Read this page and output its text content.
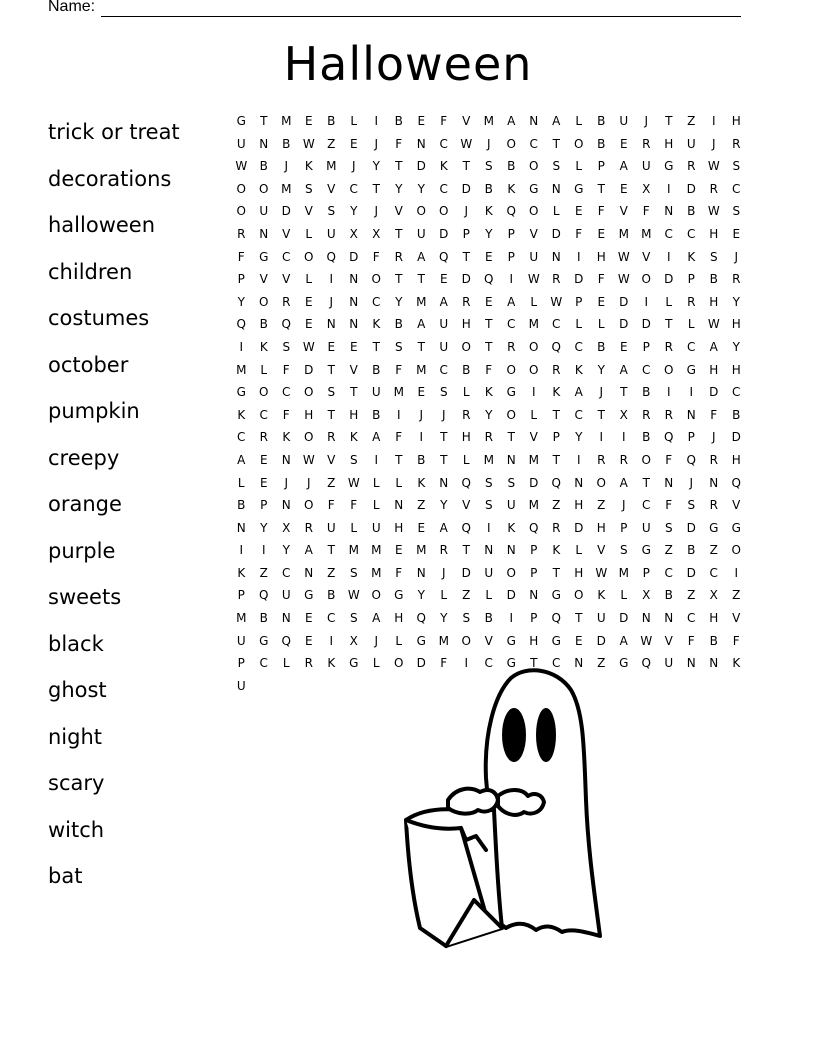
Name:
Halloween
trick or treat
decorations
halloween
children
costumes
october
pumpkin
creepy
orange
purple
sweets
black
ghost
night
scary
witch
bat
G	T	M	E	B	L	I	B	E	F	V	M	A	N	A	L	B	U	J	T	Z	I	H
U	N	B	W	Z	E	J	F	N	C	W	J	O	C	T	O	B	E	R	H	U	J	R
W	B	J	K	M	J	Y	T	D	K	T	S	B	O	S	L	P	A	U	G	R	W	S
O	O	M	S	V	C	T	Y	Y	C	D	B	K	G	N	G	T	E	X	I	D	R	C
O	U	D	V	S	Y	J	V	O	O	J	K	Q	O	L	E	F	V	F	N	B	W	S
R	N	V	L	U	X	X	T	U	D	P	Y	P	V	D	F	E	M	M	C	C	H	E
F	G	C	O	Q	D	F	R	A	Q	T	E	P	U	N	I	H	W	V	I	K	S	J
P	V	V	L	I	N	O	T	T	E	D	Q	I	W	R	D	F	W O	D	P	B	R
Y	O	R	E	J	N	C	Y	M	A	R	E	A	L	W	P	E	D	I	L	R	H	Y
Q	B	Q	E	N	N	K	B	A	U	H	T	C	M	C	L	L	D	D	T	L	W	H
I	K	S	W	E	E	T	S	T	U	O	T	R	O	Q	C	B	E	P	R	C	A	Y
M	L	F	D	T	V	B	F	M	C	B	F	O	O	R	K	Y	A	C	O	G	H	H
G	O	C	O	S	T	U	M	E	S	L	K	G	I	K	A	J	T	B	I	I	D	C
K	C	F	H	T	H	B	I	J	J	R	Y	O	L	T	C	T	X	R	R	N	F	B
C	R	K	O	R	K	A	F	I	T	H	R	T	V	P	Y	I	I	B	Q	P	J	D
A	E	N	W	V	S	I	T	B	T	L	M	N	M	T	I	R	R	O	F	Q	R	H
L	E	J	J	Z	W	L	L	K	N	Q	S	S	D	Q	N	O	A	T	N	J	N	Q
B	P	N	O	F	F	L	N	Z	Y	V	S	U	M	Z	H	Z	J	C	F	S	R	V
N	Y	X	R	U	L	U	H	E	A	Q	I	K	Q	R	D	H	P	U	S	D	G	G
I	I	Y	A	T	M	M	E	M	R	T	N	N	P	K	L	V	S	G	Z	B	Z	O
K	Z	C	N	Z	S	M	F	N	J	D	U	O	P	T	H	W M	P	C	D	C	I
P	Q	U	G	B	W O	G	Y	L	Z	L	D	N	G	O	K	L	X	B	Z	X	Z
M	B	N	E	C	S	A	H	Q	Y	S	B	I	P	Q	T	U	D	N	N	C	H	V
U	G	Q	E	I	X	J	L	G	M	O	V	G	H	G	E	D	A	W	V	F	B	F
P	C	L	R	K	G	L	O	D	F	I	C	G	T	C	N	Z	G	Q	U	N	N	K
U
